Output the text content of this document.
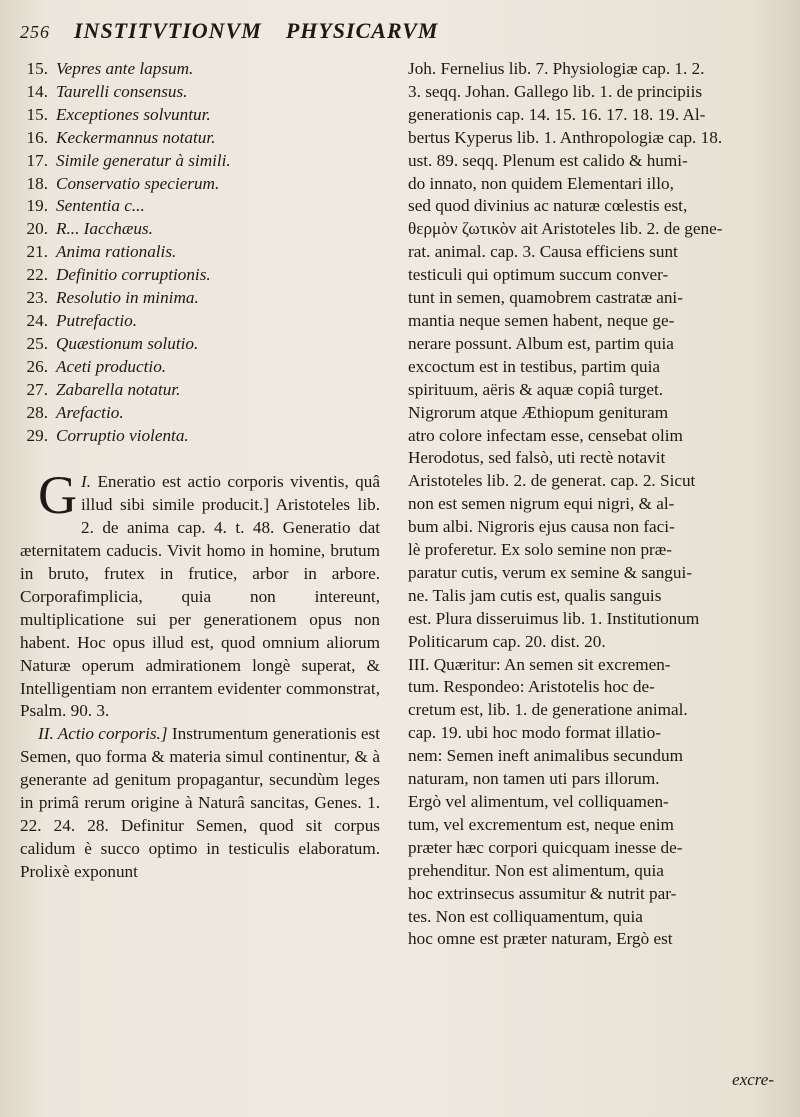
256 INSTITVTIONVM PHYSICARVM
15. Vepres ante lapsum.
14. Taurelli consensus.
15. Exceptiones solvuntur.
16. Keckermannus notatur.
17. Simile generatur à simili.
18. Conservatio specierum.
19. Sententia c...
20. R... Iacchæus.
21. Anima rationalis.
22. Definitio corruptionis.
23. Resolutio in minima.
24. Putrefactio.
25. Quæstionum solutio.
26. Aceti productio.
27. Zabarella notatur.
28. Arefactio.
29. Corruptio violenta.

I.
G Eneratio est actio corporis viventis, quâ illud sibi simile producit.] Aristoteles lib. 2. de anima cap. 4. t. 48. Generatio dat æternitatem caducis. Vivit homo in homine, brutum in bruto, frutex in frutice, arbor in arbore. Corporafimplicia, quia non intereunt, multiplicatione sui per generationem opus non habent. Hoc opus illud est, quod omnium aliorum Naturæ operum admirationem longè superat, & Intelligentiam non errantem evidenter commonstrat, Psalm. 90. 3.

II. Actio corporis.] Instrumentum generationis est Semen, quo forma & materia simul continentur, & à generante ad genitum propagantur, secundùm leges in primâ rerum origine à Naturâ sancitas, Genes. 1. 22. 24. 28. Definitur Semen, quod sit corpus calidum è succo optimo in testiculis elaboratum. Prolixè exponunt

Joh. Fernelius lib. 7. Physiologiæ cap. 1. 2.
3. seqq. Johan. Gallego lib. 1. de principiis
generationis cap. 14. 15. 16. 17. 18. 19. Al-
bertus Kyperus lib. 1. Anthropologiæ cap. 18.
ust. 89. seqq. Plenum est calido & humi-
do innato, non quidem Elementari illo,
sed quod divinius ac naturæ cœlestis est,
θερμὸν ζωτικὸν ait Aristoteles lib. 2. de gene-
rat. animal. cap. 3. Causa efficiens sunt
testiculi qui optimum succum conver-
tunt in semen, quamobrem castratæ ani-
mantia neque semen habent, neque ge-
nerare possunt. Album est, partim quia
excoctum est in testibus, partim quia
spirituum, aëris & aquæ copiâ turget.
Nigrorum atque Æthiopum genituram
atro colore infectam esse, censebat olim
Herodotus, sed falsò, uti rectè notavit
Aristoteles lib. 2. de generat. cap. 2. Sicut
non est semen nigrum equi nigri, & al-
bum albi. Nigroris ejus causa non faci-
lè proferetur. Ex solo semine non præ-
paratur cutis, verum ex semine & sangui-
ne. Talis jam cutis est, qualis sanguis
est. Plura disseruimus lib. 1. Institutionum
Politicarum cap. 20. dist. 20.
III. Quæritur: An semen sit excremen-
tum. Respondeo: Aristotelis hoc de-
cretum est, lib. 1. de generatione animal.
cap. 19. ubi hoc modo format illatio-
nem: Semen ineft animalibus secundum
naturam, non tamen uti pars illorum.
Ergò vel alimentum, vel colliquamen-
tum, vel excrementum est, neque enim
præter hæc corpori quicquam inesse de-
prehenditur. Non est alimentum, quia
hoc extrinsecus assumitur & nutrit par-
tes. Non est colliquamentum, quia
hoc omne est præter naturam, Ergò est
excre-
